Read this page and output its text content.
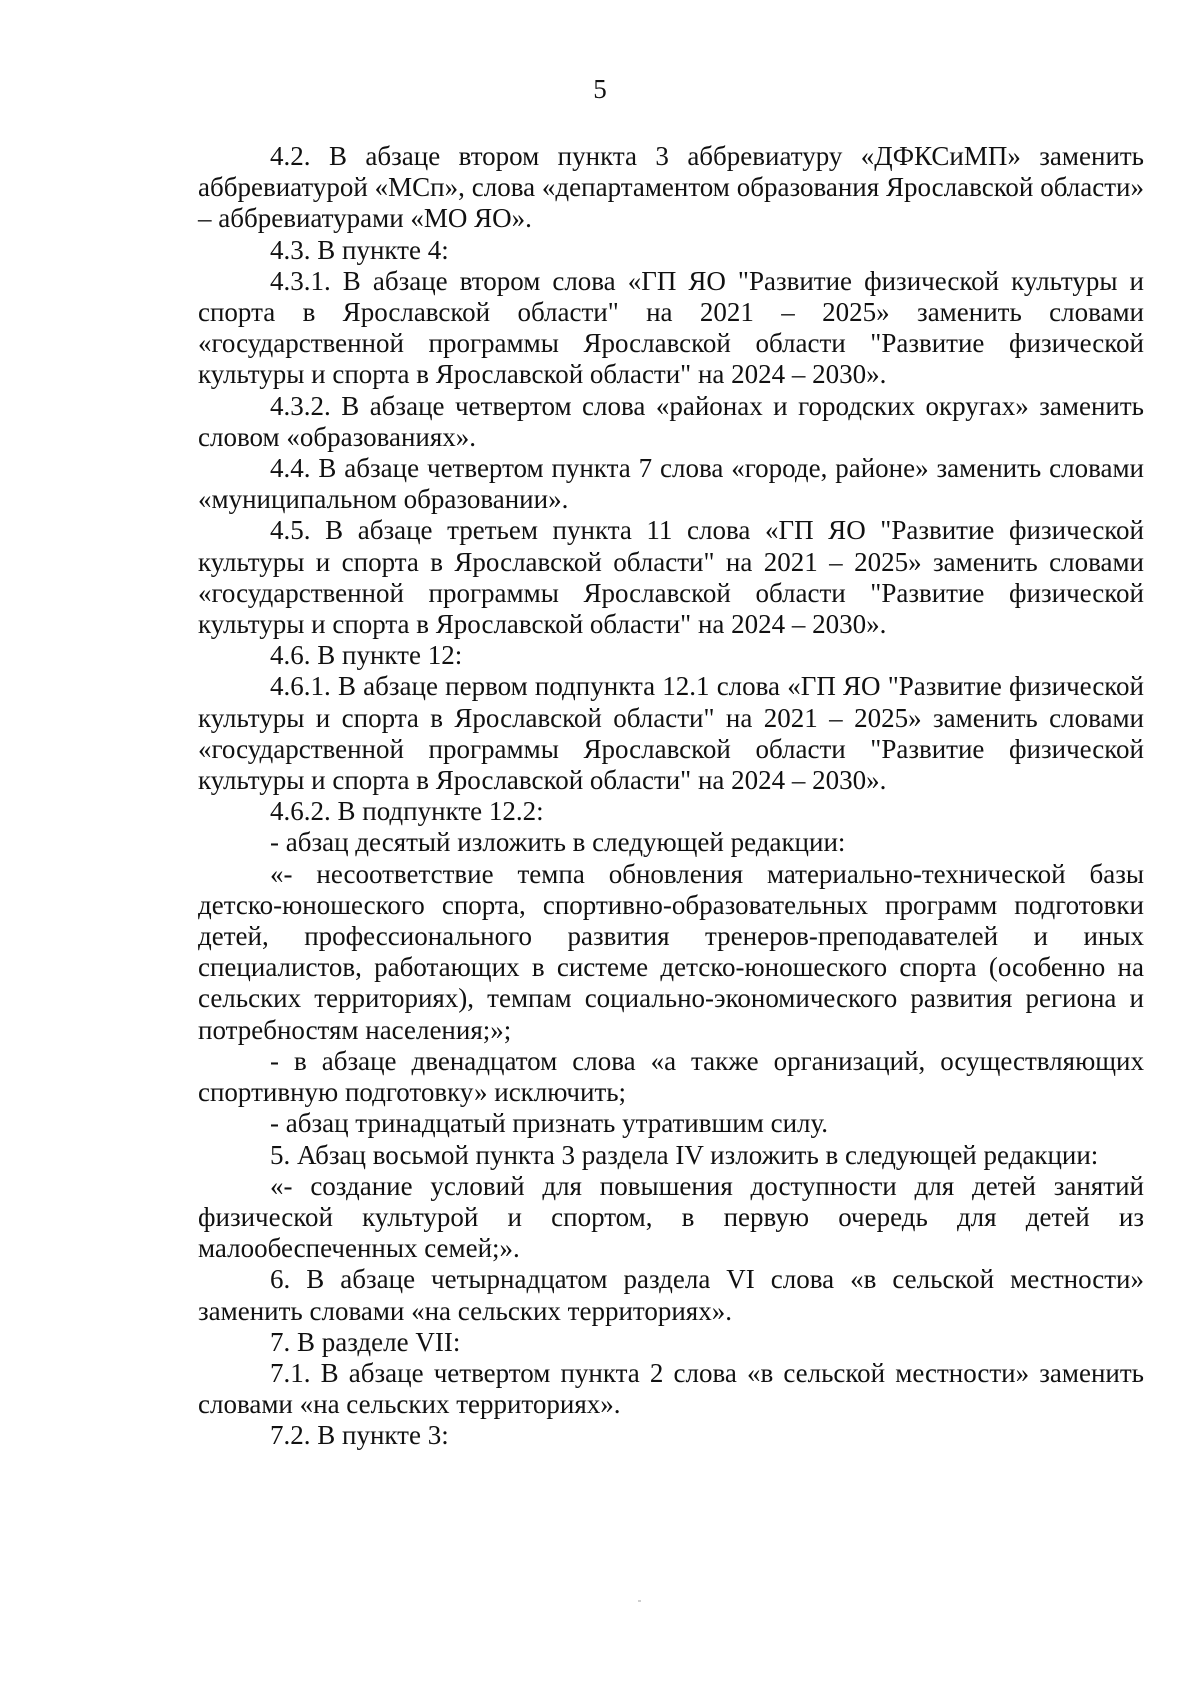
5

4.2. В абзаце втором пункта 3 аббревиатуру «ДФКСиМП» заменить аббревиатурой «МСп», слова «департаментом образования Ярославской области» – аббревиатурами «МО ЯО».

4.3. В пункте 4:

4.3.1. В абзаце втором слова «ГП ЯО "Развитие физической культуры и спорта в Ярославской области" на 2021 – 2025» заменить словами «государственной программы Ярославской области "Развитие физической культуры и спорта в Ярославской области" на 2024 – 2030».

4.3.2. В абзаце четвертом слова «районах и городских округах» заменить словом «образованиях».

4.4. В абзаце четвертом пункта 7 слова «городе, районе» заменить словами «муниципальном образовании».

4.5. В абзаце третьем пункта 11 слова «ГП ЯО "Развитие физической культуры и спорта в Ярославской области" на 2021 – 2025» заменить словами «государственной программы Ярославской области "Развитие физической культуры и спорта в Ярославской области" на 2024 – 2030».

4.6. В пункте 12:

4.6.1. В абзаце первом подпункта 12.1 слова «ГП ЯО "Развитие физической культуры и спорта в Ярославской области" на 2021 – 2025» заменить словами «государственной программы Ярославской области "Развитие физической культуры и спорта в Ярославской области" на 2024 – 2030».

4.6.2. В подпункте 12.2:

- абзац десятый изложить в следующей редакции:

«- несоответствие темпа обновления материально-технической базы детско-юношеского спорта, спортивно-образовательных программ подготовки детей, профессионального развития тренеров-преподавателей и иных специалистов, работающих в системе детско-юношеского спорта (особенно на сельских территориях), темпам социально-экономического развития региона и потребностям населения;»;

- в абзаце двенадцатом слова «а также организаций, осуществляющих спортивную подготовку» исключить;

- абзац тринадцатый признать утратившим силу.

5. Абзац восьмой пункта 3 раздела IV изложить в следующей редакции:

«- создание условий для повышения доступности для детей занятий физической культурой и спортом, в первую очередь для детей из малообеспеченных семей;».

6. В абзаце четырнадцатом раздела VI слова «в сельской местности» заменить словами «на сельских территориях».

7. В разделе VII:

7.1. В абзаце четвертом пункта 2 слова «в сельской местности» заменить словами «на сельских территориях».

7.2. В пункте 3:
